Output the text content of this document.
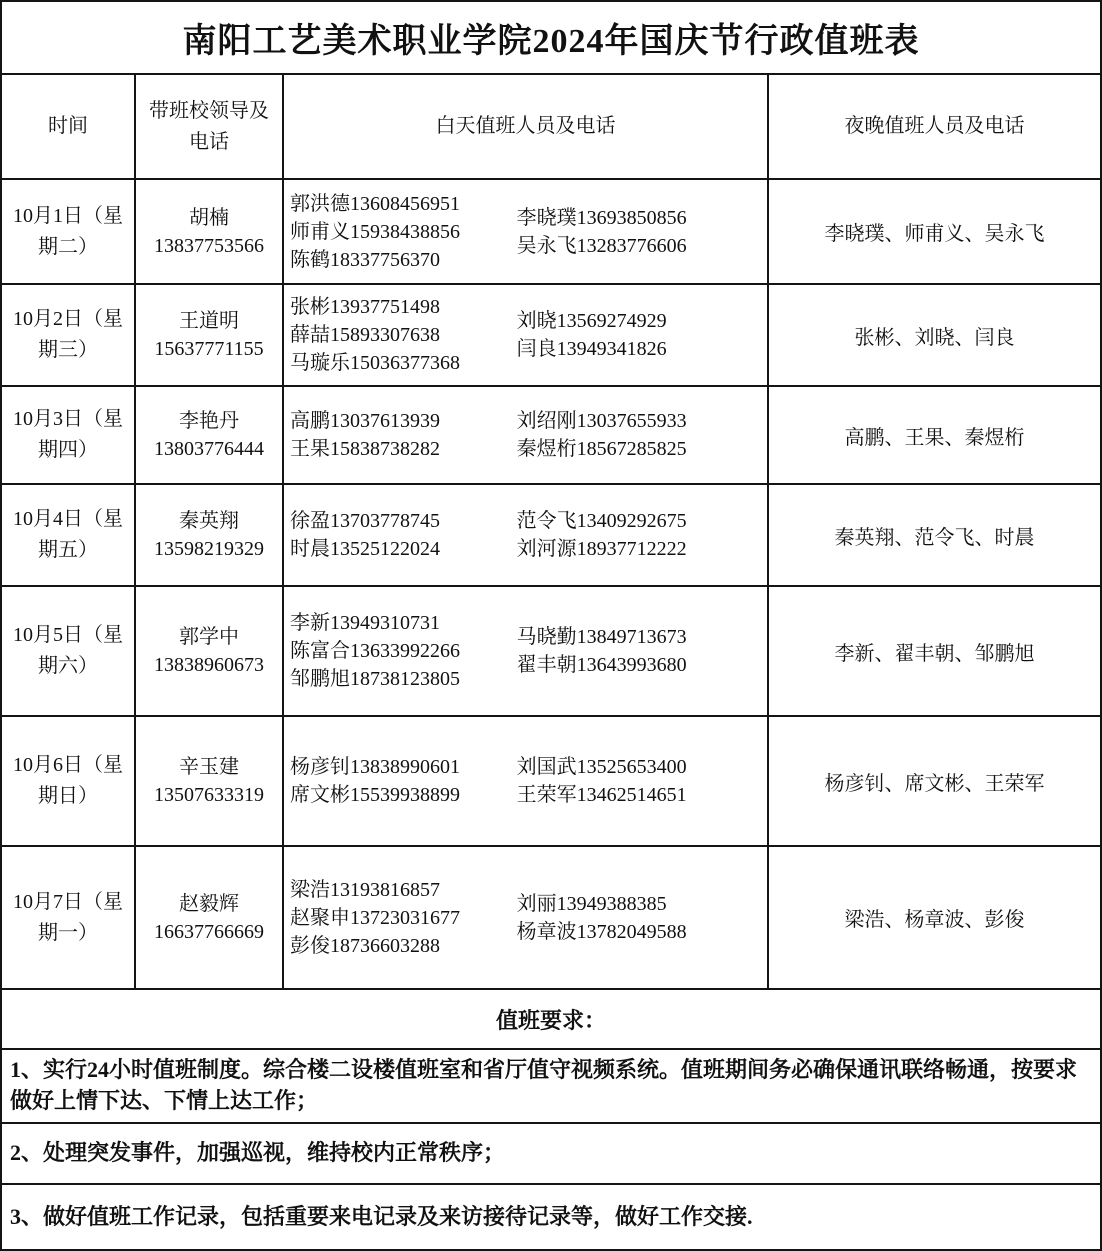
南阳工艺美术职业学院2024年国庆节行政值班表
时间
带班校领导及电话
白天值班人员及电话	夜晚值班人员及电话
10月1日（星期二）
胡楠
13837753566
郭洪德13608456951
师甫义15938438856
陈鹤18337756370
李晓璞13693850856
吴永飞13283776606
李晓璞、师甫义、吴永飞
10月2日（星期三）
王道明
15637771155
张彬13937751498
薛喆15893307638
马璇乐15036377368
刘晓13569274929
闫良13949341826
张彬、刘晓、闫良
10月3日（星期四）
李艳丹
13803776444
高鹏13037613939
王果15838738282
刘绍刚13037655933
秦煜桁18567285825
高鹏、王果、秦煜桁
10月4日（星期五）
秦英翔
13598219329
徐盈13703778745
时晨13525122024
范令飞13409292675
刘河源18937712222
秦英翔、范令飞、时晨
10月5日（星期六）
郭学中
13838960673
李新13949310731
陈富合13633992266
邹鹏旭18738123805
马晓勤13849713673
翟丰朝13643993680
李新、翟丰朝、邹鹏旭
10月6日（星期日）
辛玉建
13507633319
杨彦钊13838990601
席文彬15539938899
刘国武13525653400
王荣军13462514651
杨彦钊、席文彬、王荣军
10月7日（星期一）
赵毅辉
16637766669
梁浩13193816857
赵聚申13723031677
彭俊18736603288
刘丽13949388385
杨章波13782049588
梁浩、杨章波、彭俊
值班要求：
1、实行24小时值班制度。综合楼二设楼值班室和省厅值守视频系统。值班期间务必确保通讯联络畅通，按要求做好上情下达、下情上达工作；
2、处理突发事件，加强巡视，维持校内正常秩序；
3、做好值班工作记录，包括重要来电记录及来访接待记录等，做好工作交接.
